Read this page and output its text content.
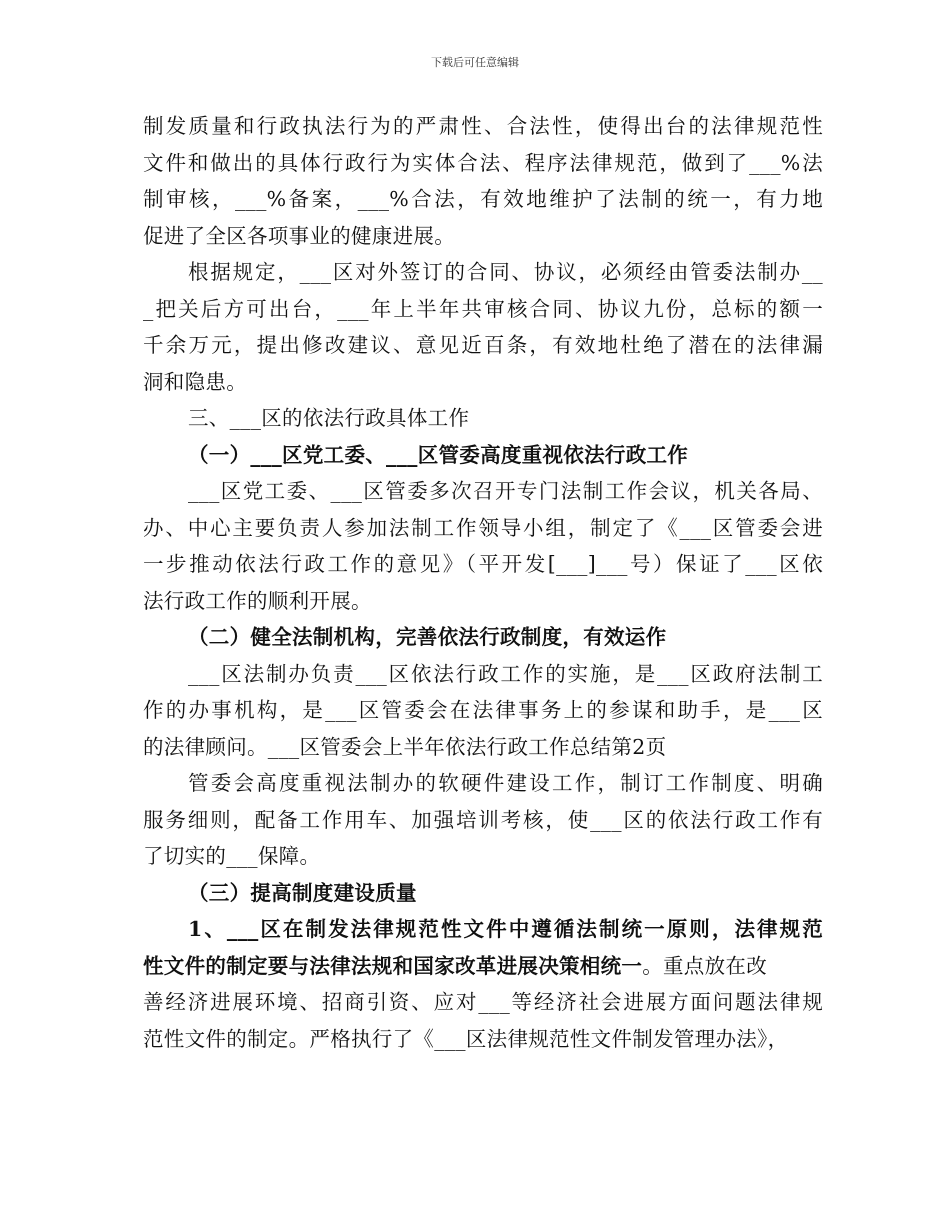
下载后可任意编辑
制发质量和行政执法行为的严肃性、合法性，使得出台的法律规范性
文件和做出的具体行政行为实体合法、程序法律规范，做到了___%法
制审核，___%备案，___%合法，有效地维护了法制的统一，有力地
促进了全区各项事业的健康进展。
根据规定，___区对外签订的合同、协议，必须经由管委法制办__
_把关后方可出台，___年上半年共审核合同、协议九份，总标的额一
千余万元，提出修改建议、意见近百条，有效地杜绝了潜在的法律漏
洞和隐患。
三、___区的依法行政具体工作
（一）___区党工委、___区管委高度重视依法行政工作
___区党工委、___区管委多次召开专门法制工作会议，机关各局、
办、中心主要负责人参加法制工作领导小组，制定了《___区管委会进
一步推动依法行政工作的意见》（平开发[___]___号）保证了___区依
法行政工作的顺利开展。
（二）健全法制机构，完善依法行政制度，有效运作
___区法制办负责___区依法行政工作的实施，是___区政府法制工
作的办事机构，是___区管委会在法律事务上的参谋和助手，是___区
的法律顾问。___区管委会上半年依法行政工作总结第2页
管委会高度重视法制办的软硬件建设工作，制订工作制度、明确
服务细则，配备工作用车、加强培训考核，使___区的依法行政工作有
了切实的___保障。
（三）提高制度建设质量
1、___区在制发法律规范性文件中遵循法制统一原则，法律规范
性文件的制定要与法律法规和国家改革进展决策相统一。重点放在改
善经济进展环境、招商引资、应对___等经济社会进展方面问题法律规
范性文件的制定。严格执行了《___区法律规范性文件制发管理办法》，
